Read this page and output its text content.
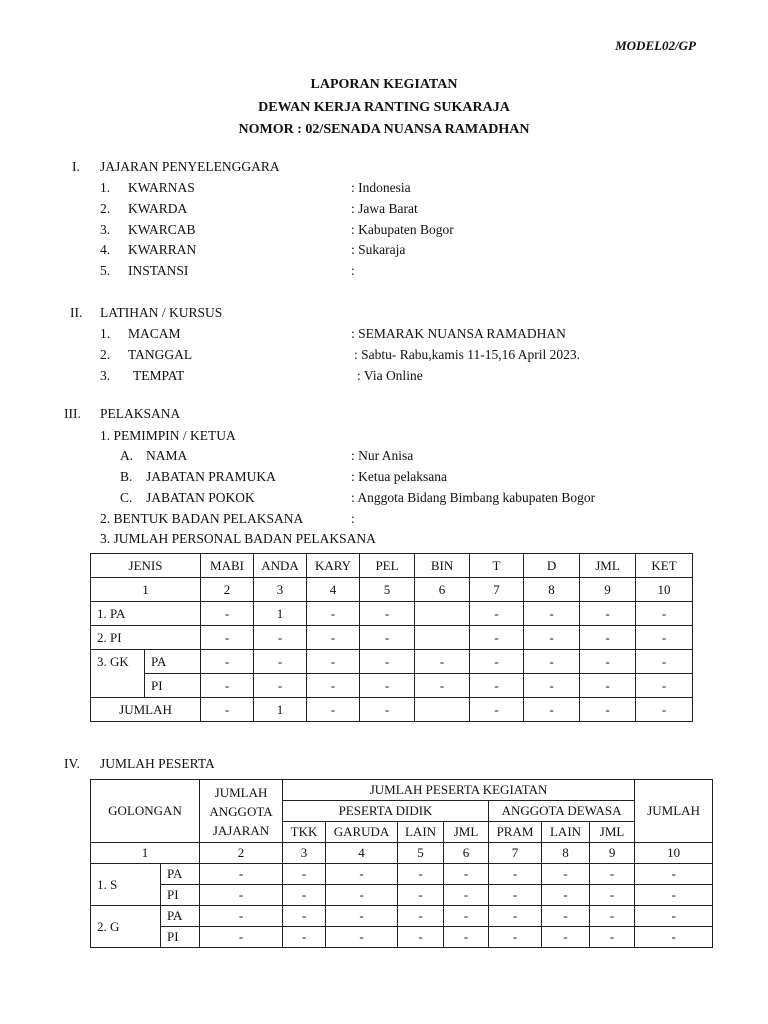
MODEL02/GP
LAPORAN KEGIATAN
DEWAN KERJA RANTING SUKARAJA
NOMOR : 02/SENADA NUANSA RAMADHAN
I. JAJARAN PENYELENGGARA
1. KWARNAS	: Indonesia
2. KWARDA	: Jawa Barat
3. KWARCAB	: Kabupaten Bogor
4. KWARRAN	: Sukaraja
5. INSTANSI	:
II. LATIHAN / KURSUS
1. MACAM	: SEMARAK NUANSA RAMADHAN
2. TANGGAL	: Sabtu- Rabu,kamis 11-15,16 April 2023.
3. TEMPAT	: Via Online
III. PELAKSANA
1. PEMIMPIN / KETUA
A. NAMA	: Nur Anisa
B. JABATAN PRAMUKA	: Ketua pelaksana
C. JABATAN POKOK	: Anggota Bidang Bimbang kabupaten Bogor
2. BENTUK BADAN PELAKSANA	:
3. JUMLAH PERSONAL BADAN PELAKSANA
JENIS		MABI	ANDA	KARY	PEL	BIN	T	D	JML	KET
1		2	3	4	5	6	7	8	9	10
1. PA		-	1	-	-		-	-	-	-
2. PI		-	-	-	-		-	-	-	-
3. GK	PA	-	-	-	-	-	-	-	-	-
	PI	-	-	-	-	-	-	-	-	-
JUMLAH		-	1	-	-		-	-	-	-
IV. JUMLAH PESERTA
GOLONGAN		JUMLAH
ANGGOTA
JAJARAN	JUMLAH PESERTA KEGIATAN							JUMLAH
			PESERTA DIDIK				ANGGOTA DEWASA			
			TKK	GARUDA	LAIN	JML	PRAM	LAIN	JML	
1		2	3	4	5	6	7	8	9	10
1. S	PA	-	-	-	-	-	-	-	-	-
	PI	-	-	-	-	-	-	-	-	-
2. G	PA	-	-	-	-	-	-	-	-	-
	PI	-	-	-	-	-	-	-	-	-
